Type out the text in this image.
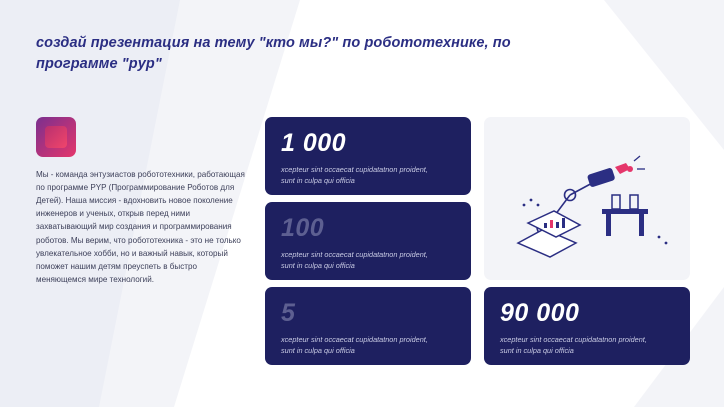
создай презентация на тему "кто мы?" по робототехнике, по программе "pyp"
Мы - команда энтузиастов робототехники, работающая по программе PYP (Программирование Роботов для Детей). Наша миссия - вдохновить новое поколение инженеров и ученых, открыв перед ними захватывающий мир создания и программирования роботов. Мы верим, что робототехника - это не только увлекательное хобби, но и важный навык, который поможет нашим детям преуспеть в быстро меняющемся мире технологий.
1 000
xcepteur sint occaecat cupidatatnon proident, sunt in culpa qui officia
100
xcepteur sint occaecat cupidatatnon proident, sunt in culpa qui officia
5
xcepteur sint occaecat cupidatatnon proident, sunt in culpa qui officia
90 000
xcepteur sint occaecat cupidatatnon proident, sunt in culpa qui officia
